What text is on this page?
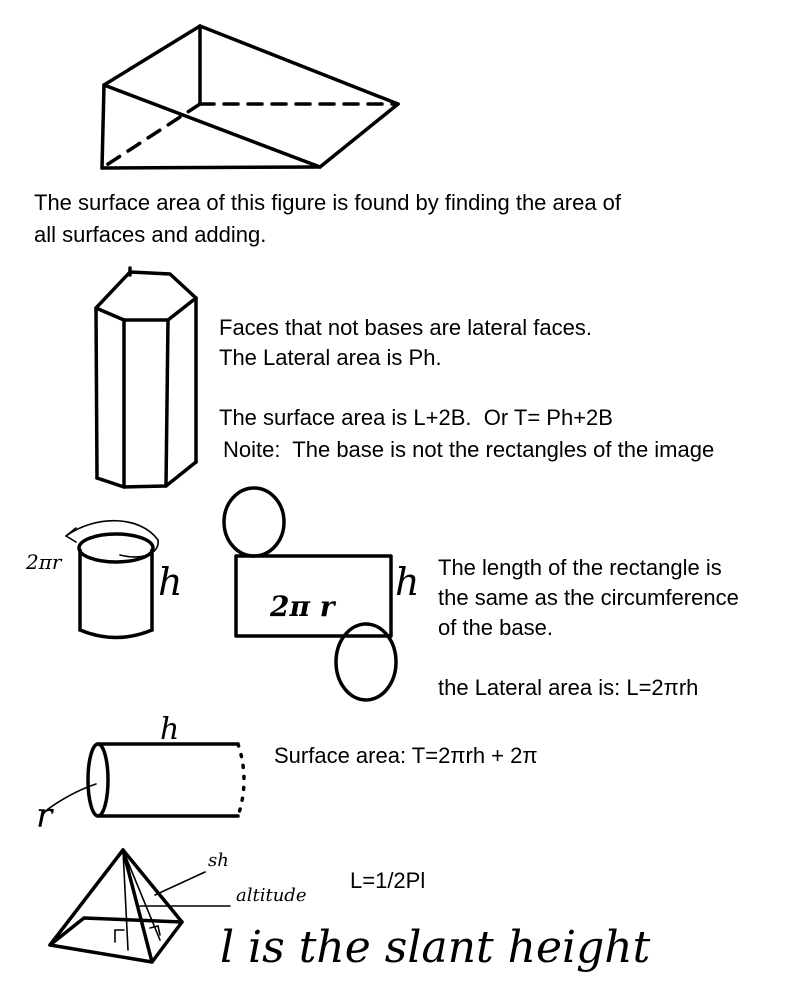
The surface area of this figure is found by finding the area of
all surfaces and adding.
Faces that not bases are lateral faces.
The Lateral area is Ph.
The surface area is L+2B.  Or T= Ph+2B
Noite:  The base is not the rectangles of the image
2πr	h
2π r
h The length of the rectangle is
the same as the circumference
of the base.
the Lateral area is: L=2πrh
h
r
Surface area: T=2πrh + 2π
sh
altitude
L=1/2Pl
l is the slant height
